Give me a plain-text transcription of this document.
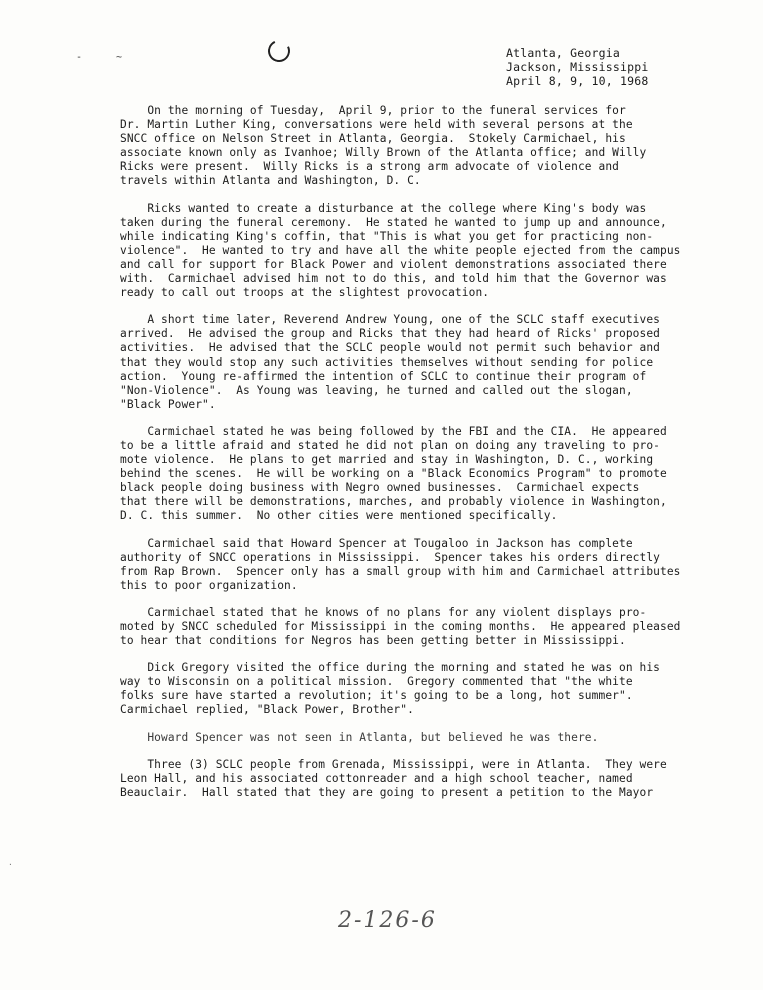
-	~
.
Atlanta, Georgia
Jackson, Mississippi
April 8, 9, 10, 1968

On the morning of Tuesday,  April 9, prior to the funeral services for
Dr. Martin Luther King, conversations were held with several persons at the
SNCC office on Nelson Street in Atlanta, Georgia.  Stokely Carmichael, his
associate known only as Ivanhoe; Willy Brown of the Atlanta office; and Willy
Ricks were present.  Willy Ricks is a strong arm advocate of violence and
travels within Atlanta and Washington, D. C.

Ricks wanted to create a disturbance at the college where King's body was
taken during the funeral ceremony.  He stated he wanted to jump up and announce,
while indicating King's coffin, that "This is what you get for practicing non-
violence".  He wanted to try and have all the white people ejected from the campus
and call for support for Black Power and violent demonstrations associated there
with.  Carmichael advised him not to do this, and told him that the Governor was
ready to call out troops at the slightest provocation.

A short time later, Reverend Andrew Young, one of the SCLC staff executives
arrived.  He advised the group and Ricks that they had heard of Ricks' proposed
activities.  He advised that the SCLC people would not permit such behavior and
that they would stop any such activities themselves without sending for police
action.  Young re-affirmed the intention of SCLC to continue their program of
"Non-Violence".  As Young was leaving, he turned and called out the slogan,
"Black Power".

Carmichael stated he was being followed by the FBI and the CIA.  He appeared
to be a little afraid and stated he did not plan on doing any traveling to pro-
mote violence.  He plans to get married and stay in Washington, D. C., working
behind the scenes.  He will be working on a "Black Economics Program" to promote
black people doing business with Negro owned businesses.  Carmichael expects
that there will be demonstrations, marches, and probably violence in Washington,
D. C. this summer.  No other cities were mentioned specifically.

Carmichael said that Howard Spencer at Tougaloo in Jackson has complete
authority of SNCC operations in Mississippi.  Spencer takes his orders directly
from Rap Brown.  Spencer only has a small group with him and Carmichael attributes
this to poor organization.

Carmichael stated that he knows of no plans for any violent displays pro-
moted by SNCC scheduled for Mississippi in the coming months.  He appeared pleased
to hear that conditions for Negros has been getting better in Mississippi.

Dick Gregory visited the office during the morning and stated he was on his
way to Wisconsin on a political mission.  Gregory commented that "the white
folks sure have started a revolution; it's going to be a long, hot summer".
Carmichael replied, "Black Power, Brother".

Howard Spencer was not seen in Atlanta, but believed he was there.

Three (3) SCLC people from Grenada, Mississippi, were in Atlanta.  They were
Leon Hall, and his associated cottonreader and a high school teacher, named
Beauclair.  Hall stated that they are going to present a petition to the Mayor

2-126-6
